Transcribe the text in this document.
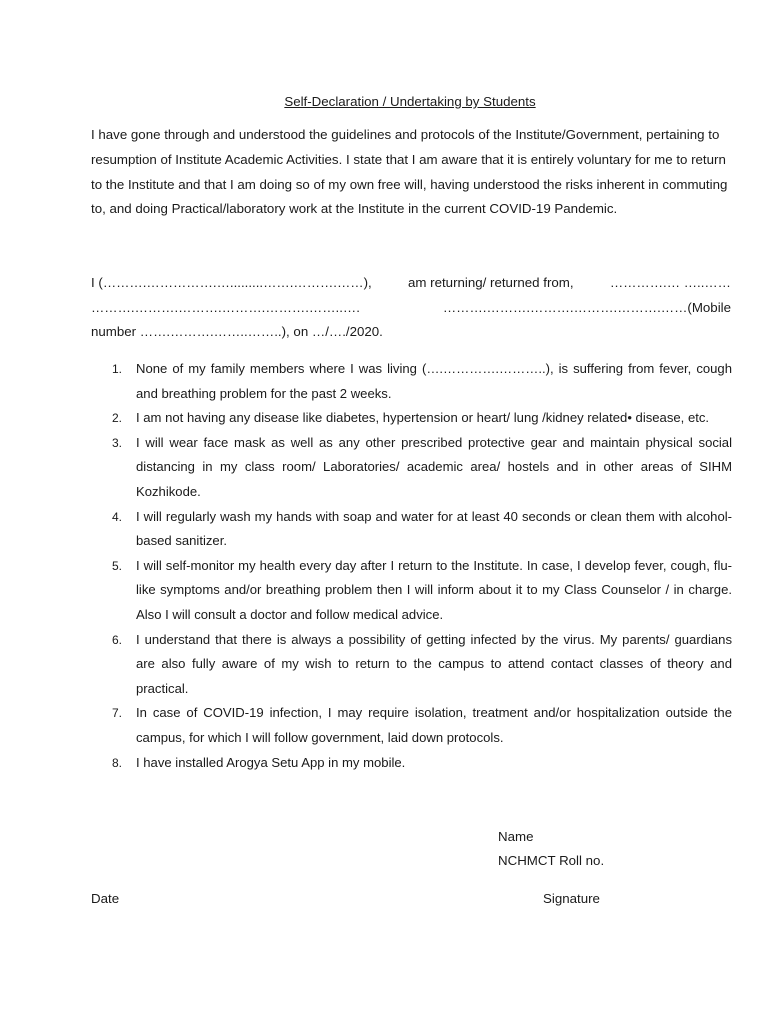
Self-Declaration / Undertaking by Students

I have gone through and understood the guidelines and protocols of the Institute/Government, pertaining to resumption of Institute Academic Activities. I state that I am aware that it is entirely voluntary for me to return to the Institute and that I am doing so of my own free will, having understood the risks inherent in commuting to, and doing Practical/laboratory work at the Institute in the current COVID-19 Pandemic.

I (……….…………….….........…….……….……),	am returning/ returned from,	………….… …..……
……….……….……….……….……….……..….	……….……….……….……….……….……(Mobile
number …….……….……..……..), on …/…./2020.
1. None of my family members where I was living (….………….………..), is suffering from fever, cough and breathing problem for the past 2 weeks.
2. I am not having any disease like diabetes, hypertension or heart/ lung /kidney related• disease, etc.
3. I will wear face mask as well as any other prescribed protective gear and maintain physical social distancing in my class room/ Laboratories/ academic area/ hostels and in other areas of SIHM Kozhikode.
4. I will regularly wash my hands with soap and water for at least 40 seconds or clean them with alcohol-based sanitizer.
5. I will self-monitor my health every day after I return to the Institute. In case, I develop fever, cough, flu-like symptoms and/or breathing problem then I will inform about it to my Class Counselor / in charge. Also I will consult a doctor and follow medical advice.
6. I understand that there is always a possibility of getting infected by the virus. My parents/ guardians are also fully aware of my wish to return to the campus to attend contact classes of theory and practical.
7. In case of COVID-19 infection, I may require isolation, treatment and/or hospitalization outside the campus, for which I will follow government, laid down protocols.
8. I have installed Arogya Setu App in my mobile.
Name
NCHMCT Roll no.
Date	Signature
